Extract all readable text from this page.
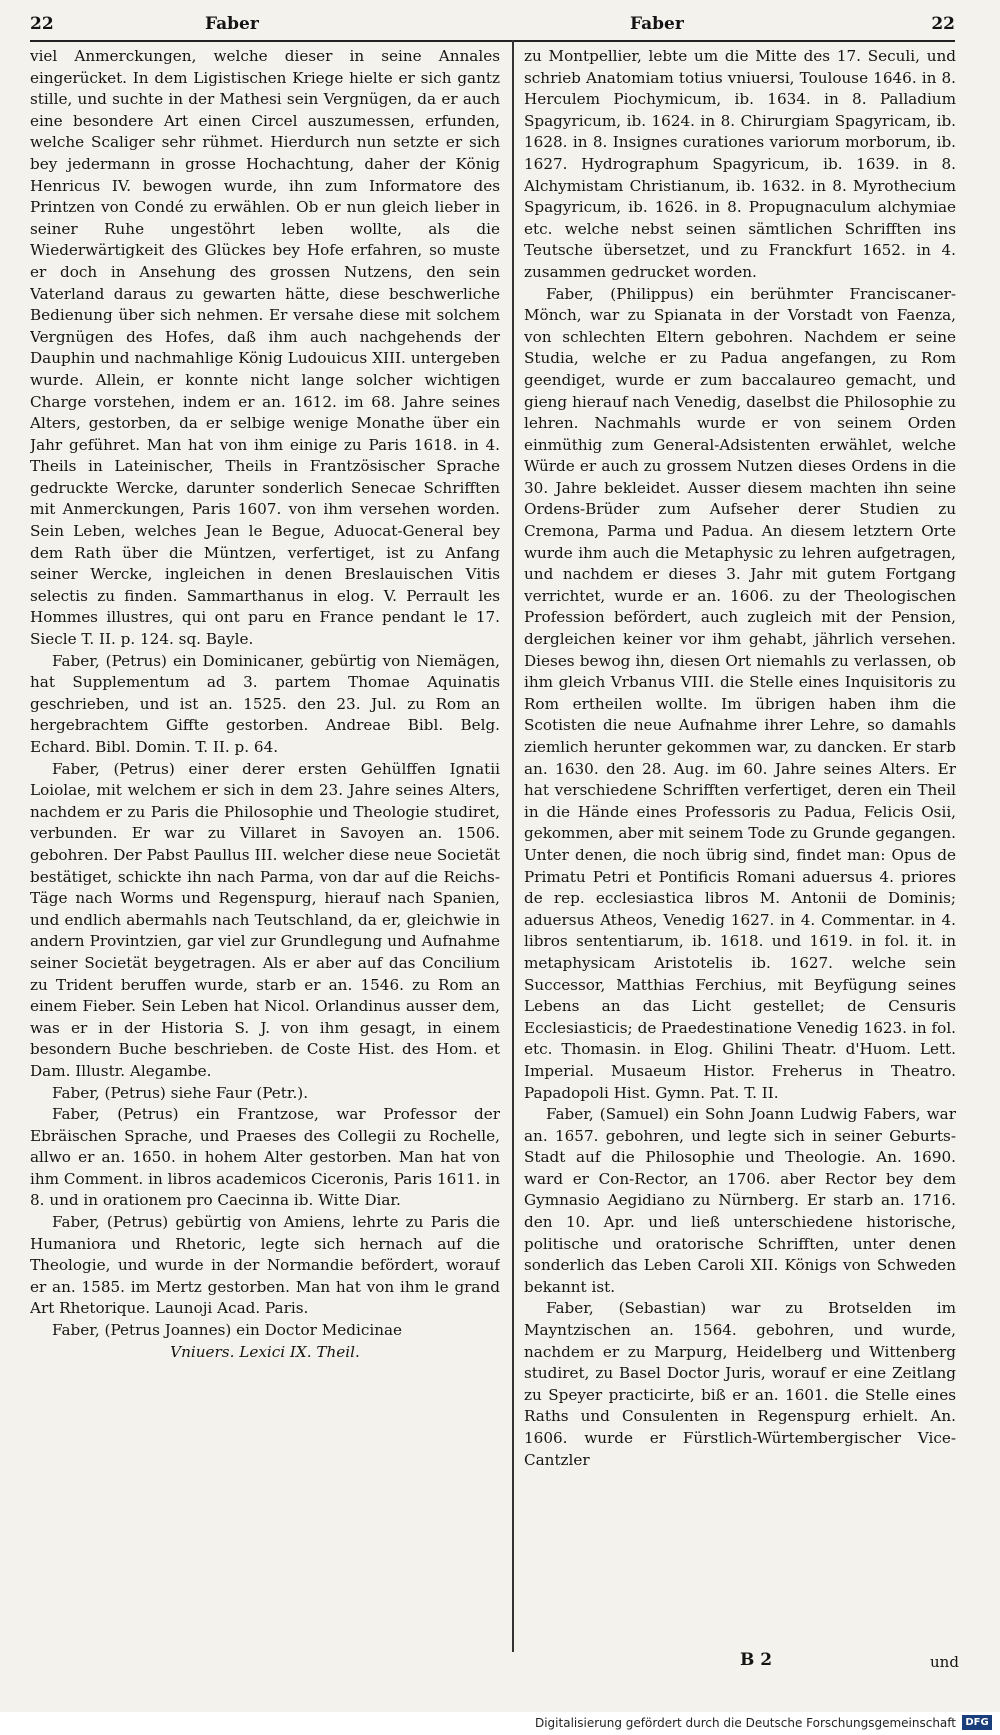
22	Faber	Faber	22

viel Anmerckungen, welche dieser in seine Annales eingerücket. In dem Ligistischen Kriege hielte er sich gantz stille, und suchte in der Mathesi sein Vergnügen, da er auch eine besondere Art einen Circel auszumessen, erfunden, welche Scaliger sehr rühmet. Hierdurch nun setzte er sich bey jedermann in grosse Hochachtung, daher der König Henricus IV. bewogen wurde, ihn zum Informatore des Printzen von Condé zu erwählen. Ob er nun gleich lieber in seiner Ruhe ungestöhrt leben wollte, als die Wiederwärtigkeit des Glückes bey Hofe erfahren, so muste er doch in Ansehung des grossen Nutzens, den sein Vaterland daraus zu gewarten hätte, diese beschwerliche Bedienung über sich nehmen. Er versahe diese mit solchem Vergnügen des Hofes, daß ihm auch nachgehends der Dauphin und nachmahlige König Ludouicus XIII. untergeben wurde. Allein, er konnte nicht lange solcher wichtigen Charge vorstehen, indem er an. 1612. im 68. Jahre seines Alters, gestorben, da er selbige wenige Monathe über ein Jahr geführet. Man hat von ihm einige zu Paris 1618. in 4. Theils in Lateinischer, Theils in Frantzösischer Sprache gedruckte Wercke, darunter sonderlich Senecae Schrifften mit Anmerckungen, Paris 1607. von ihm versehen worden. Sein Leben, welches Jean le Begue, Aduocat-General bey dem Rath über die Müntzen, verfertiget, ist zu Anfang seiner Wercke, ingleichen in denen Breslauischen Vitis selectis zu finden. Sammarthanus in elog. V. Perrault les Hommes illustres, qui ont paru en France pendant le 17. Siecle T. II. p. 124. sq. Bayle.

Faber, (Petrus) ein Dominicaner, gebürtig von Niemägen, hat Supplementum ad 3. partem Thomae Aquinatis geschrieben, und ist an. 1525. den 23. Jul. zu Rom an hergebrachtem Giffte gestorben. Andreae Bibl. Belg. Echard. Bibl. Domin. T. II. p. 64.

Faber, (Petrus) einer derer ersten Gehülffen Ignatii Loiolae, mit welchem er sich in dem 23. Jahre seines Alters, nachdem er zu Paris die Philosophie und Theologie studiret, verbunden. Er war zu Villaret in Savoyen an. 1506. gebohren. Der Pabst Paullus III. welcher diese neue Societät bestätiget, schickte ihn nach Parma, von dar auf die Reichs-Täge nach Worms und Regenspurg, hierauf nach Spanien, und endlich abermahls nach Teutschland, da er, gleichwie in andern Provintzien, gar viel zur Grundlegung und Aufnahme seiner Societät beygetragen. Als er aber auf das Concilium zu Trident beruffen wurde, starb er an. 1546. zu Rom an einem Fieber. Sein Leben hat Nicol. Orlandinus ausser dem, was er in der Historia S. J. von ihm gesagt, in einem besondern Buche beschrieben. de Coste Hist. des Hom. et Dam. Illustr. Alegambe.

Faber, (Petrus) siehe Faur (Petr.).

Faber, (Petrus) ein Frantzose, war Professor der Ebräischen Sprache, und Praeses des Collegii zu Rochelle, allwo er an. 1650. in hohem Alter gestorben. Man hat von ihm Comment. in libros academicos Ciceronis, Paris 1611. in 8. und in orationem pro Caecinna ib. Witte Diar.

Faber, (Petrus) gebürtig von Amiens, lehrte zu Paris die Humaniora und Rhetoric, legte sich hernach auf die Theologie, und wurde in der Normandie befördert, worauf er an. 1585. im Mertz gestorben. Man hat von ihm le grand Art Rhetorique. Launoji Acad. Paris.

Faber, (Petrus Joannes) ein Doctor Medicinae

Vniuers. Lexici IX. Theil.

zu Montpellier, lebte um die Mitte des 17. Seculi, und schrieb Anatomiam totius vniuersi, Toulouse 1646. in 8. Herculem Piochymicum, ib. 1634. in 8. Palladium Spagyricum, ib. 1624. in 8. Chirurgiam Spagyricam, ib. 1628. in 8. Insignes curationes variorum morborum, ib. 1627. Hydrographum Spagyricum, ib. 1639. in 8. Alchymistam Christianum, ib. 1632. in 8. Myrothecium Spagyricum, ib. 1626. in 8. Propugnaculum alchymiae etc. welche nebst seinen sämtlichen Schrifften ins Teutsche übersetzet, und zu Franckfurt 1652. in 4. zusammen gedrucket worden.

Faber, (Philippus) ein berühmter Franciscaner-Mönch, war zu Spianata in der Vorstadt von Faenza, von schlechten Eltern gebohren. Nachdem er seine Studia, welche er zu Padua angefangen, zu Rom geendiget, wurde er zum baccalaureo gemacht, und gieng hierauf nach Venedig, daselbst die Philosophie zu lehren. Nachmahls wurde er von seinem Orden einmüthig zum General-Adsistenten erwählet, welche Würde er auch zu grossem Nutzen dieses Ordens in die 30. Jahre bekleidet. Ausser diesem machten ihn seine Ordens-Brüder zum Aufseher derer Studien zu Cremona, Parma und Padua. An diesem letztern Orte wurde ihm auch die Metaphysic zu lehren aufgetragen, und nachdem er dieses 3. Jahr mit gutem Fortgang verrichtet, wurde er an. 1606. zu der Theologischen Profession befördert, auch zugleich mit der Pension, dergleichen keiner vor ihm gehabt, jährlich versehen. Dieses bewog ihn, diesen Ort niemahls zu verlassen, ob ihm gleich Vrbanus VIII. die Stelle eines Inquisitoris zu Rom ertheilen wollte. Im übrigen haben ihm die Scotisten die neue Aufnahme ihrer Lehre, so damahls ziemlich herunter gekommen war, zu dancken. Er starb an. 1630. den 28. Aug. im 60. Jahre seines Alters. Er hat verschiedene Schrifften verfertiget, deren ein Theil in die Hände eines Professoris zu Padua, Felicis Osii, gekommen, aber mit seinem Tode zu Grunde gegangen. Unter denen, die noch übrig sind, findet man: Opus de Primatu Petri et Pontificis Romani aduersus 4. priores de rep. ecclesiastica libros M. Antonii de Dominis; aduersus Atheos, Venedig 1627. in 4. Commentar. in 4. libros sententiarum, ib. 1618. und 1619. in fol. it. in metaphysicam Aristotelis ib. 1627. welche sein Successor, Matthias Ferchius, mit Beyfügung seines Lebens an das Licht gestellet; de Censuris Ecclesiasticis; de Praedestinatione Venedig 1623. in fol. etc. Thomasin. in Elog. Ghilini Theatr. d'Huom. Lett. Imperial. Musaeum Histor. Freherus in Theatro. Papadopoli Hist. Gymn. Pat. T. II.

Faber, (Samuel) ein Sohn Joann Ludwig Fabers, war an. 1657. gebohren, und legte sich in seiner Geburts-Stadt auf die Philosophie und Theologie. An. 1690. ward er Con-Rector, an 1706. aber Rector bey dem Gymnasio Aegidiano zu Nürnberg. Er starb an. 1716. den 10. Apr. und ließ unterschiedene historische, politische und oratorische Schrifften, unter denen sonderlich das Leben Caroli XII. Königs von Schweden bekannt ist.

Faber, (Sebastian) war zu Brotselden im Mayntzischen an. 1564. gebohren, und wurde, nachdem er zu Marpurg, Heidelberg und Wittenberg studiret, zu Basel Doctor Juris, worauf er eine Zeitlang zu Speyer practicirte, biß er an. 1601. die Stelle eines Raths und Consulenten in Regenspurg erhielt. An. 1606. wurde er Fürstlich-Würtembergischer Vice-Cantzler

B 2	und
Digitalisierung gefördert durch die Deutsche Forschungsgemeinschaft DFG
